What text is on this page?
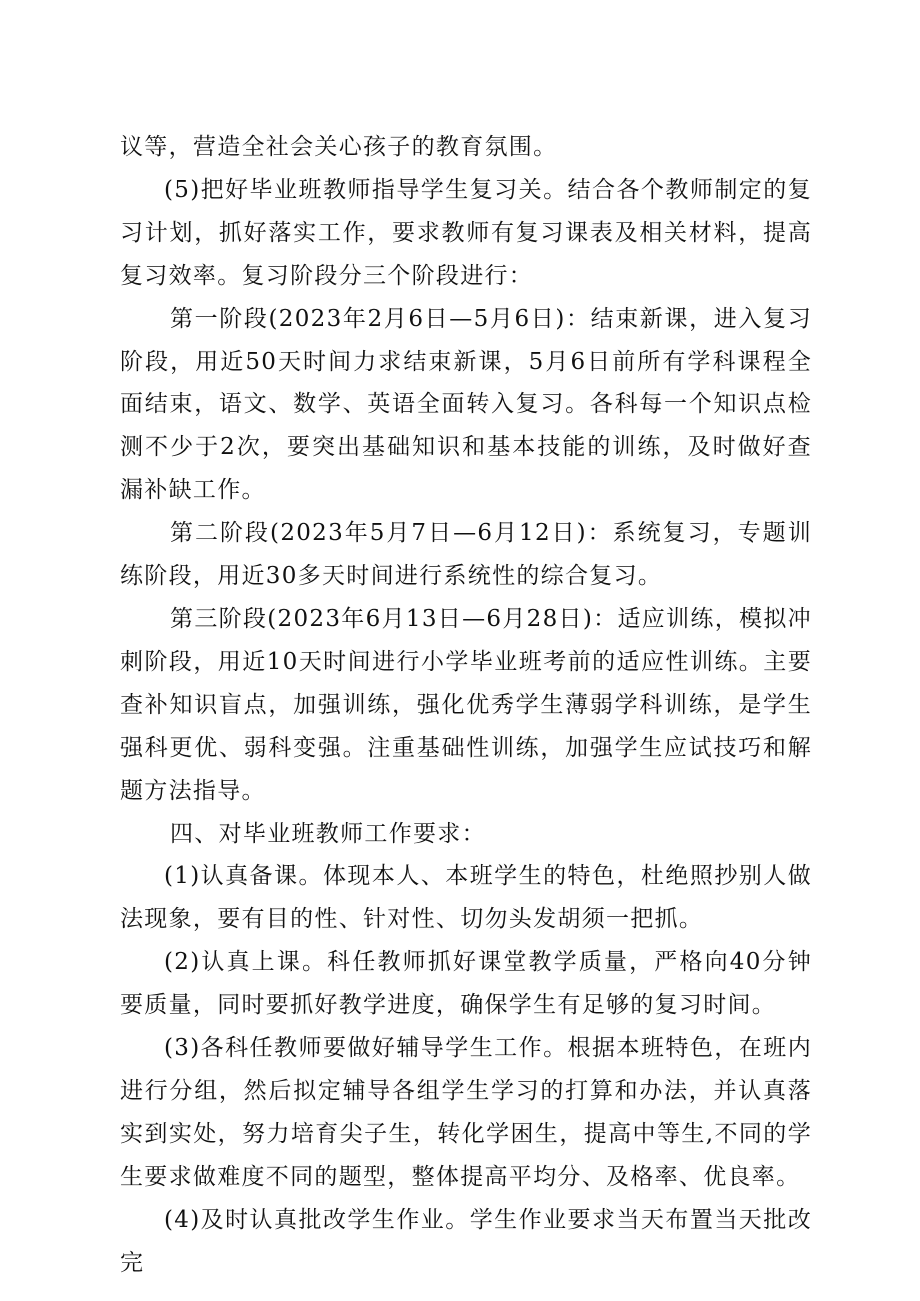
议等，营造全社会关心孩子的教育氛围。

(5)把好毕业班教师指导学生复习关。结合各个教师制定的复习计划，抓好落实工作，要求教师有复习课表及相关材料，提高复习效率。复习阶段分三个阶段进行：

第一阶段(2023年2月6日—5月6日)：结束新课，进入复习阶段，用近50天时间力求结束新课，5月6日前所有学科课程全面结束，语文、数学、英语全面转入复习。各科每一个知识点检测不少于2次，要突出基础知识和基本技能的训练，及时做好查漏补缺工作。

第二阶段(2023年5月7日—6月12日)：系统复习，专题训练阶段，用近30多天时间进行系统性的综合复习。

第三阶段(2023年6月13日—6月28日)：适应训练，模拟冲刺阶段，用近10天时间进行小学毕业班考前的适应性训练。主要查补知识盲点，加强训练，强化优秀学生薄弱学科训练，是学生强科更优、弱科变强。注重基础性训练，加强学生应试技巧和解题方法指导。

四、对毕业班教师工作要求：

(1)认真备课。体现本人、本班学生的特色，杜绝照抄别人做法现象，要有目的性、针对性、切勿头发胡须一把抓。

(2)认真上课。科任教师抓好课堂教学质量，严格向40分钟要质量，同时要抓好教学进度，确保学生有足够的复习时间。

(3)各科任教师要做好辅导学生工作。根据本班特色，在班内进行分组，然后拟定辅导各组学生学习的打算和办法，并认真落实到实处，努力培育尖子生，转化学困生，提高中等生,不同的学生要求做难度不同的题型，整体提高平均分、及格率、优良率。

(4)及时认真批改学生作业。学生作业要求当天布置当天批改完
